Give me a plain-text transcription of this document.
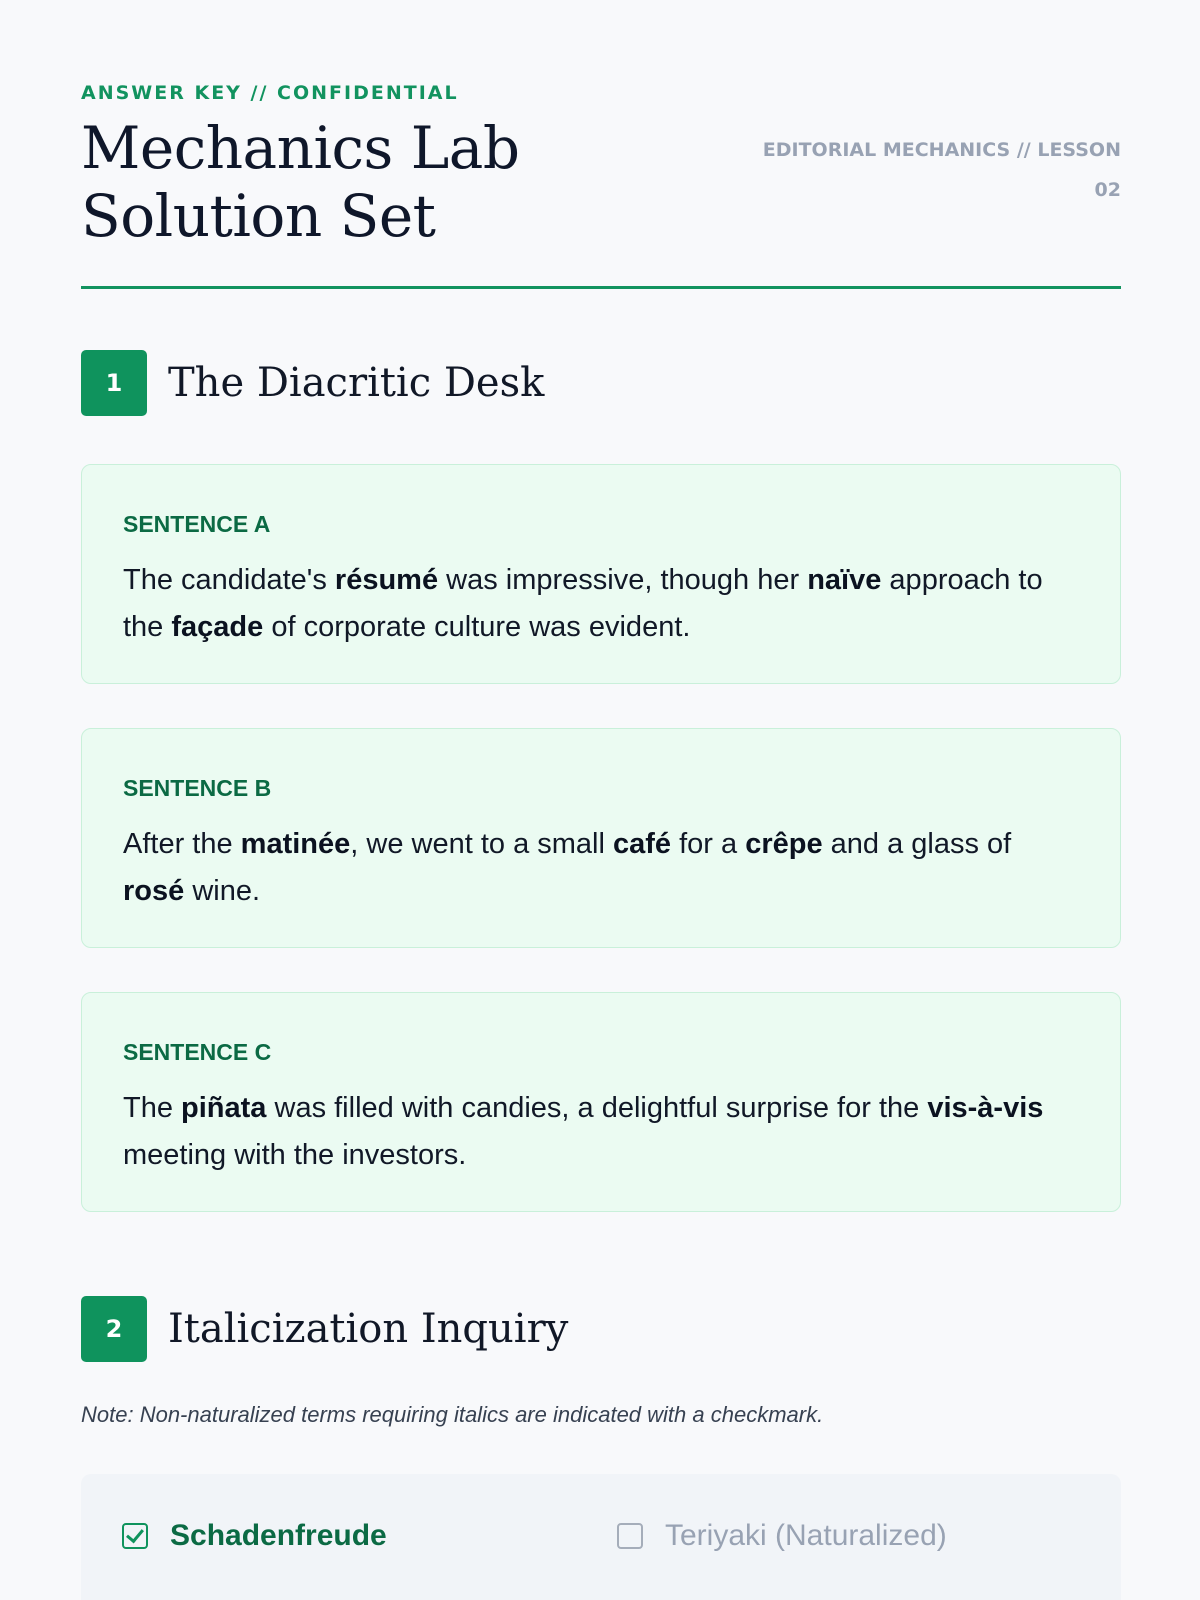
ANSWER KEY // CONFIDENTIAL
Mechanics Lab Solution Set
EDITORIAL MECHANICS // LESSON 02
1	The Diacritic Desk
SENTENCE A
The candidate's résumé was impressive, though her naïve approach to the façade of corporate culture was evident.
SENTENCE B
After the matinée, we went to a small café for a crêpe and a glass of rosé wine.
SENTENCE C
The piñata was filled with candies, a delightful surprise for the vis-à-vis meeting with the investors.
2	Italicization Inquiry
Note: Non-naturalized terms requiring italics are indicated with a checkmark.
Schadenfreude	Teriyaki (Naturalized)
